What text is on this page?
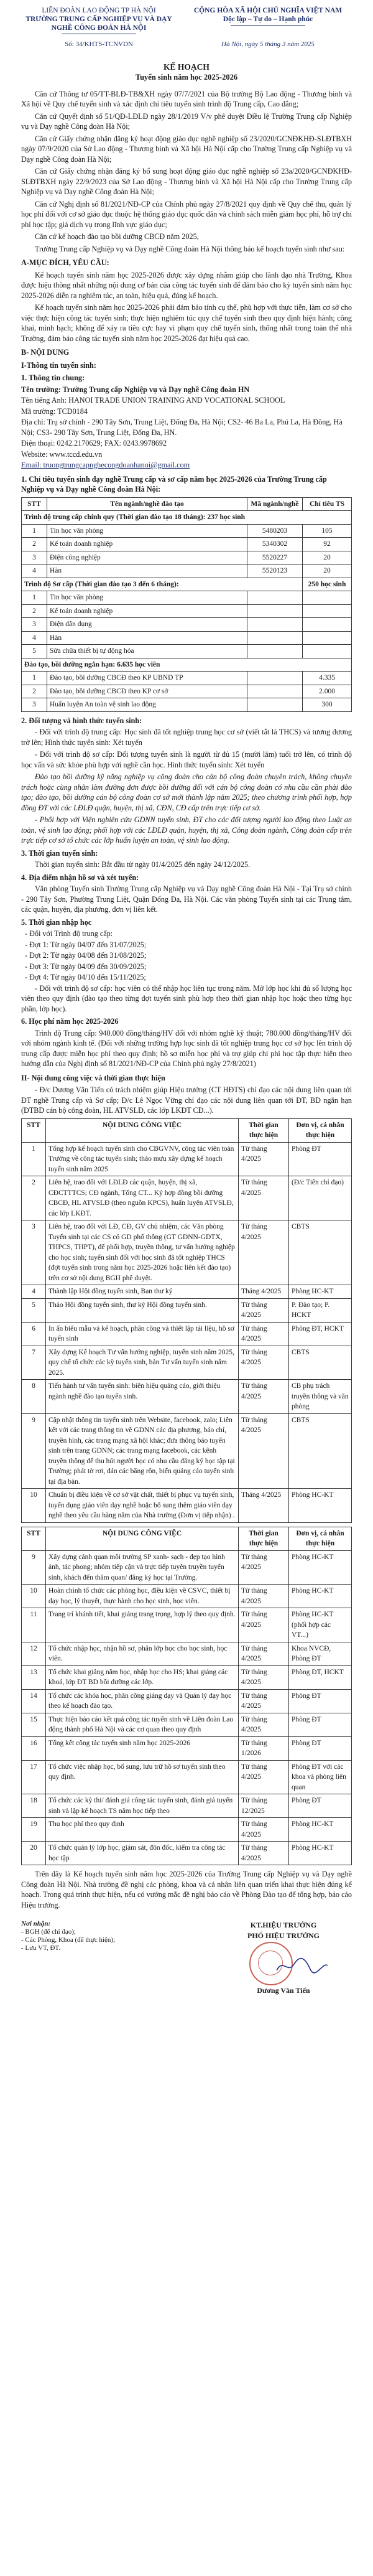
LIÊN ĐOÀN LAO ĐỘNG TP HÀ NỘI
TRƯỜNG TRUNG CẤP NGHIỆP VỤ VÀ DẠY NGHỀ CÔNG ĐOÀN HÀ NỘI
CỘNG HÒA XÃ HỘI CHỦ NGHĨA VIỆT NAM
Độc lập – Tự do – Hạnh phúc
Số: 34/KHTS-TCNVDN	Hà Nội, ngày 5 tháng 3 năm 2025
KẾ HOẠCH
Tuyển sinh năm học 2025-2026

Căn cứ Thông tư 05/TT-BLĐ-TB&XH ngày 07/7/2021 của Bộ trưởng Bộ Lao động - Thương binh và Xã hội về Quy chế tuyển sinh và xác định chỉ tiêu tuyển sinh trình độ Trung cấp, Cao đẳng;

Căn cứ Quyết định số 51/QĐ-LĐLĐ ngày 28/1/2019 V/v phê duyệt Điều lệ Trường Trung cấp Nghiệp vụ và Dạy nghề Công đoàn Hà Nội;

Căn cứ Giấy chứng nhận đăng ký hoạt động giáo dục nghề nghiệp số 23/2020/GCNĐKHĐ-SLĐTBXH ngày 07/9/2020 của Sở Lao động - Thương binh và Xã hội Hà Nội cấp cho Trường Trung cấp Nghiệp vụ và Dạy nghề Công đoàn Hà Nội;

Căn cứ Giấy chứng nhận đăng ký bổ sung hoạt động giáo dục nghề nghiệp số 23a/2020/GCNĐKHĐ-SLĐTBXH ngày 22/9/2023 của Sở Lao động - Thương binh và Xã hội Hà Nội cấp cho Trường Trung cấp Nghiệp vụ và Dạy nghề Công đoàn Hà Nội;

Căn cứ Nghị định số 81/2021/NĐ-CP của Chính phủ ngày 27/8/2021 quy định về Quy chế thu, quản lý học phí đối với cơ sở giáo dục thuộc hệ thống giáo dục quốc dân và chính sách miễn giảm học phí, hỗ trợ chi phí học tập; giá dịch vụ trong lĩnh vực giáo dục;

Căn cứ kế hoạch đào tạo bồi dưỡng CBCĐ năm 2025,

Trường Trung cấp Nghiệp vụ và Dạy nghề Công đoàn Hà Nội thông báo kế hoạch tuyển sinh như sau:

A-MỤC ĐÍCH, YÊU CẦU:

Kế hoạch tuyển sinh năm học 2025-2026 được xây dựng nhằm giúp cho lãnh đạo nhà Trường, Khoa được hiệu thông nhất những nội dung cơ bản của công tác tuyển sinh để đảm bảo cho kỳ tuyển sinh năm học 2025-2026 diễn ra nghiêm túc, an toàn, hiệu quả, đúng kế hoạch.

Kế hoạch tuyển sinh năm học 2025-2026 phải đảm bảo tính cụ thể, phù hợp với thực tiễn, làm cơ sở cho việc thực hiện công tác tuyển sinh; thực hiện nghiêm túc quy chế tuyển sinh theo quy định hiện hành; công khai, minh bạch; không để xảy ra tiêu cực hay vi phạm quy chế tuyển sinh, thống nhất trong toàn thể nhà Trường, đảm bảo công tác tuyển sinh năm học 2025-2026 đạt hiệu quả cao.

B- NỘI DUNG
I-Thông tin tuyển sinh:
1. Thông tin chung:

Tên trường: Trường Trung cấp Nghiệp vụ và Dạy nghề Công đoàn HN

Tên tiếng Anh: HANOI TRADE UNION TRAINING AND VOCATIONAL SCHOOL

Mã trường: TCD0184

Địa chỉ: Trụ sở chính - 290 Tây Sơn, Trung Liệt, Đống Đa, Hà Nội; CS2- 46 Ba La, Phú La, Hà Đông, Hà Nội; CS3- 290 Tây Sơn, Trung Liệt, Đống Đa, HN.

Điện thoại: 0242.2170629; FAX: 0243.9978692

Website: www.tccd.edu.vn

Email: truongtrungcapnghecongdoanhanoi@gmail.com

1. Chỉ tiêu tuyển sinh dạy nghề Trung cấp và sơ cấp năm học 2025-2026 của Trường Trung cấp Nghiệp vụ và Dạy nghề Công đoàn Hà Nội:
STT	Tên ngành/nghề đào tạo	Mã ngành/nghề	Chỉ tiêu TS
Trình độ trung cấp chính quy (Thời gian đào tạo 18 tháng): 237 học sinh			
1	Tin học văn phòng	5480203	105
2	Kế toán doanh nghiệp	5340302	92
3	Điện công nghiệp	5520227	20
4	Hàn	5520123	20
Trình độ Sơ cấp (Thời gian đào tạo 3 đến 6 tháng):			250 học sinh
1	Tin học văn phòng		
2	Kế toán doanh nghiệp		
3	Điện dân dụng		
4	Hàn		
5	Sửa chữa thiết bị tự động hóa		
Đào tạo, bồi dưỡng ngắn hạn: 6.635 học viên			
1	Đào tạo, bồi dưỡng CBCĐ theo KP UBND TP		4.335
2	Đào tạo, bồi dưỡng CBCĐ theo KP cơ sở		2.000
3	Huấn luyện An toàn vệ sinh lao động		300
2. Đối tượng và hình thức tuyển sinh:

- Đối với trình độ trung cấp: Học sinh đã tốt nghiệp trung học cơ sở (viết tắt là THCS) và tương đương trở lên; Hình thức tuyển sinh: Xét tuyển

- Đối với trình độ sơ cấp: Đối tượng tuyển sinh là người từ đủ 15 (mười lăm) tuổi trở lên, có trình độ học vấn và sức khỏe phù hợp với nghề cần học. Hình thức tuyển sinh: Xét tuyển

Đào tạo bồi dưỡng kỹ năng nghiệp vụ công đoàn cho cán bộ công đoàn chuyên trách, không chuyên trách hoặc cùng nhân làm đường đơn được bồi dưỡng đối với cán bộ công đoàn có nhu cầu cần phải đào tạo; đào tạo, bồi dưỡng cán bộ công đoàn cơ sở mới thành lập năm 2025; theo chương trình phối hợp, hợp đồng ĐT với các LĐLĐ quận, huyện, thị xã, CĐN, CĐ cấp trên trực tiếp cơ sở.

- Phối hợp với Viện nghiên cứu GDNN tuyển sinh, ĐT cho các đối tượng người lao động theo Luật an toàn, vệ sinh lao động; phối hợp với các LĐLĐ quận, huyện, thị xã, Công đoàn ngành, Công đoàn cấp trên trực tiếp cơ sở tổ chức các lớp huấn luyện an toàn, vệ sinh lao động.

3. Thời gian tuyển sinh:

Thời gian tuyển sinh: Bắt đầu từ ngày 01/4/2025 đến ngày 24/12/2025.

4. Địa điểm nhận hồ sơ và xét tuyển:

Văn phòng Tuyển sinh Trường Trung cấp Nghiệp vụ và Dạy nghề Công đoàn Hà Nội - Tại Trụ sở chính - 290 Tây Sơn, Phường Trung Liệt, Quận Đống Đa, Hà Nội. Các văn phòng Tuyển sinh tại các Trung tâm, các quận, huyện, địa phương, đơn vị liên kết.

5. Thời gian nhập học

- Đối với Trình độ trung cấp:

- Đợt 1: Từ ngày 04/07 đến 31/07/2025;

- Đợt 2: Từ ngày 04/08 đến 31/08/2025;

- Đợt 3: Từ ngày 04/09 đến 30/09/2025;

- Đợt 4: Từ ngày 04/10 đến 15/11/2025;

- Đối với trình độ sơ cấp: học viên có thể nhập học liên tục trong năm. Mở lớp học khi đủ số lượng học viên theo quy định (đào tạo theo từng đợt tuyển sinh phù hợp theo thời gian nhập học hoặc theo từng học phần, lớp học).

6. Học phí năm học 2025-2026

Trình độ Trung cấp: 940.000 đồng/tháng/HV đối với nhóm nghề kỹ thuật; 780.000 đồng/tháng/HV đối với nhóm ngành kinh tế. (Đối với những trường hợp học sinh đã tốt nghiệp trung học cơ sở học lên trình độ trung cấp được miễn học phí theo quy định; hồ sơ miễn học phí và trợ giúp chi phí học tập thực hiện theo hướng dẫn của Nghị định số 81/2021/NĐ-CP của Chính phủ ngày 27/8/2021)

II- Nội dung công việc và thời gian thực hiện

- Đ/c Dương Văn Tiến có trách nhiệm giúp Hiệu trưởng (CT HĐTS) chỉ đạo các nội dung liên quan tới ĐT nghề Trung cấp và Sơ cấp; Đ/c Lê Ngọc Vững chỉ đạo các nội dung liên quan tới ĐT, BD ngắn hạn (ĐTBD cán bộ công đoàn, HL ATVSLĐ, các lớp LKĐT CĐ...).

STT	NỘI DUNG CÔNG VIỆC	Thời gian thực hiện	Đơn vị, cá nhân thực hiện
1	Tổng hợp kế hoạch tuyển sinh cho CBGVNV, công tác viên toàn Trường về công tác tuyển sinh; thảo mưu xây dựng kế hoạch tuyển sinh năm 2025	Từ tháng 4/2025	Phòng ĐT
2	Liên hệ, trao đổi với LĐLĐ các quận, huyện, thị xã, CĐCTTTCS; CĐ ngành, Tổng CT... Ký hợp đồng bồi dưỡng CBCĐ, HL ATVSLĐ (theo nguồn KPCS), huấn luyện ATVSLĐ, các lớp LKĐT.	Từ tháng 4/2025	(Đ/c Tiến chỉ đạo)
3	Liên hệ, trao đổi với LĐ, CĐ, GV chủ nhiệm, các Văn phòng Tuyển sinh tại các CS có GD phổ thông (GT GDNN-GDTX, THPCS, THPT), để phối hợp, truyền thông, tư vấn hướng nghiệp cho học sinh; tuyển sinh đối với học sinh đã tốt nghiệp THCS (đợt tuyển sinh trong năm học 2025-2026 hoặc liên kết đào tạo) trên cơ sở nội dung BGH phê duyệt.	Từ tháng 4/2025	CBTS
4	Thành lập Hội đồng tuyển sinh, Ban thư ký	Tháng 4/2025	Phòng HC-KT
5	Thảo Hội đồng tuyển sinh, thư ký Hội đồng tuyển sinh.	Từ tháng 4/2025	P. Đào tạo; P. HCKT
6	In ấn biểu mẫu và kế hoạch, phân công và thiết lập tài liệu, hồ sơ tuyển sinh	Từ tháng 4/2025	Phòng ĐT, HCKT
7	Xây dựng Kế hoạch Tư vấn hướng nghiệp, tuyển sinh năm 2025, quy chế tổ chức các kỳ tuyển sinh, bản Tư vấn tuyển sinh năm 2025.	Từ tháng 4/2025	CBTS
8	Tiến hành tư vấn tuyển sinh: biên hiệu quảng cáo, giới thiệu ngành nghề đào tạo tuyển sinh.	Từ tháng 4/2025	CB phụ trách truyền thông và văn phòng
9	Cập nhật thông tin tuyển sinh trên Website, facebook, zalo; Liên kết với các trang thông tin về GDNN các địa phương, báo chí, truyền hình, các trang mạng xã hội khác; đưa thông báo tuyển sinh trên trang GDNN; các trang mạng facebook, các kênh truyền thông để thu hút người học có nhu cầu đăng ký học tập tại Trường; phát tờ rơi, dán các băng rôn, biển quảng cáo tuyển sinh tại địa bàn.	Từ tháng 4/2025	CBTS
10	Chuẩn bị điều kiện về cơ sở vật chất, thiết bị phục vụ tuyển sinh, tuyển dụng giáo viên dạy nghề hoặc bổ sung thêm giáo viên dạy nghề theo yêu cầu hàng năm của Nhà trường (Đơn vị tiếp nhận) .	Tháng 4/2025	Phòng HC-KT
STT	NỘI DUNG CÔNG VIỆC	Thời gian thực hiện	Đơn vị, cá nhân thực hiện
9	Xây dựng cảnh quan môi trường SP xanh- sạch - đẹp tạo hình ảnh, tác phong; nhóm tiếp cận và trực tiếp tuyên truyền tuyển sinh, khách đến thăm quan/ đăng ký học tại Trường.	Từ tháng 4/2025	Phòng HC-KT
10	Hoàn chỉnh tổ chức các phòng học, điều kiện về CSVC, thiết bị dạy học, lý thuyết, thực hành cho học sinh, học viên.	Từ tháng 4/2025	Phòng HC-KT
11	Trang trí khánh tiết, khai giảng trang trọng, hợp lý theo quy định.	Từ tháng 4/2025	Phòng HC-KT (phối hợp các VT...)
12	Tổ chức nhập học, nhận hồ sơ, phân lớp học cho học sinh, học viên.	Từ tháng 4/2025	Khoa NVCĐ, Phòng ĐT
13	Tổ chức khai giảng năm học, nhập học cho HS; khai giảng các khoá, lớp ĐT BD bồi dưỡng các lớp.	Từ tháng 4/2025	Phòng ĐT, HCKT
14	Tổ chức các khóa học, phân công giảng dạy và Quản lý dạy học theo kế hoạch đào tạo.	Từ tháng 4/2025	Phòng ĐT
15	Thực hiện báo cáo kết quả công tác tuyển sinh về Liên đoàn Lao động thành phố Hà Nội và các cơ quan theo quy định	Từ tháng 4/2025	Phòng ĐT
16	Tổng kết công tác tuyển sinh năm học 2025-2026	Từ tháng 1/2026	Phòng ĐT
17	Tổ chức việc nhập học, bổ sung, lưu trữ hồ sơ tuyển sinh theo quy định.	Từ tháng 4/2025	Phòng ĐT với các khoa và phòng liên quan
18	Tổ chức các kỳ thi/ đánh giá công tác tuyển sinh, đánh giá tuyển sinh và lập kế hoạch TS năm học tiếp theo	Từ tháng 12/2025	Phòng ĐT
19	Thu học phí theo quy định	Từ tháng 4/2025	Phòng HC-KT
20	Tổ chức quản lý lớp học, giám sát, đôn đốc, kiểm tra công tác học tập	Từ tháng 4/2025	Phòng HC-KT

Trên đây là Kế hoạch tuyển sinh năm học 2025-2026 của Trường Trung cấp Nghiệp vụ và Dạy nghề Công đoàn Hà Nội. Nhà trường đề nghị các phòng, khoa và cá nhân liên quan triển khai thực hiện đúng kế hoạch. Trong quá trình thực hiện, nếu có vướng mắc đề nghị báo cáo về Phòng Đào tạo để tổng hợp, báo cáo Hiệu trưởng.

Nơi nhận:
- BGH (để chỉ đạo);
- Các Phòng, Khoa (để thực hiện);
- Lưu VT, ĐT.
KT.HIỆU TRƯỞNG
PHÓ HIỆU TRƯỞNG
Dương Văn Tiến
